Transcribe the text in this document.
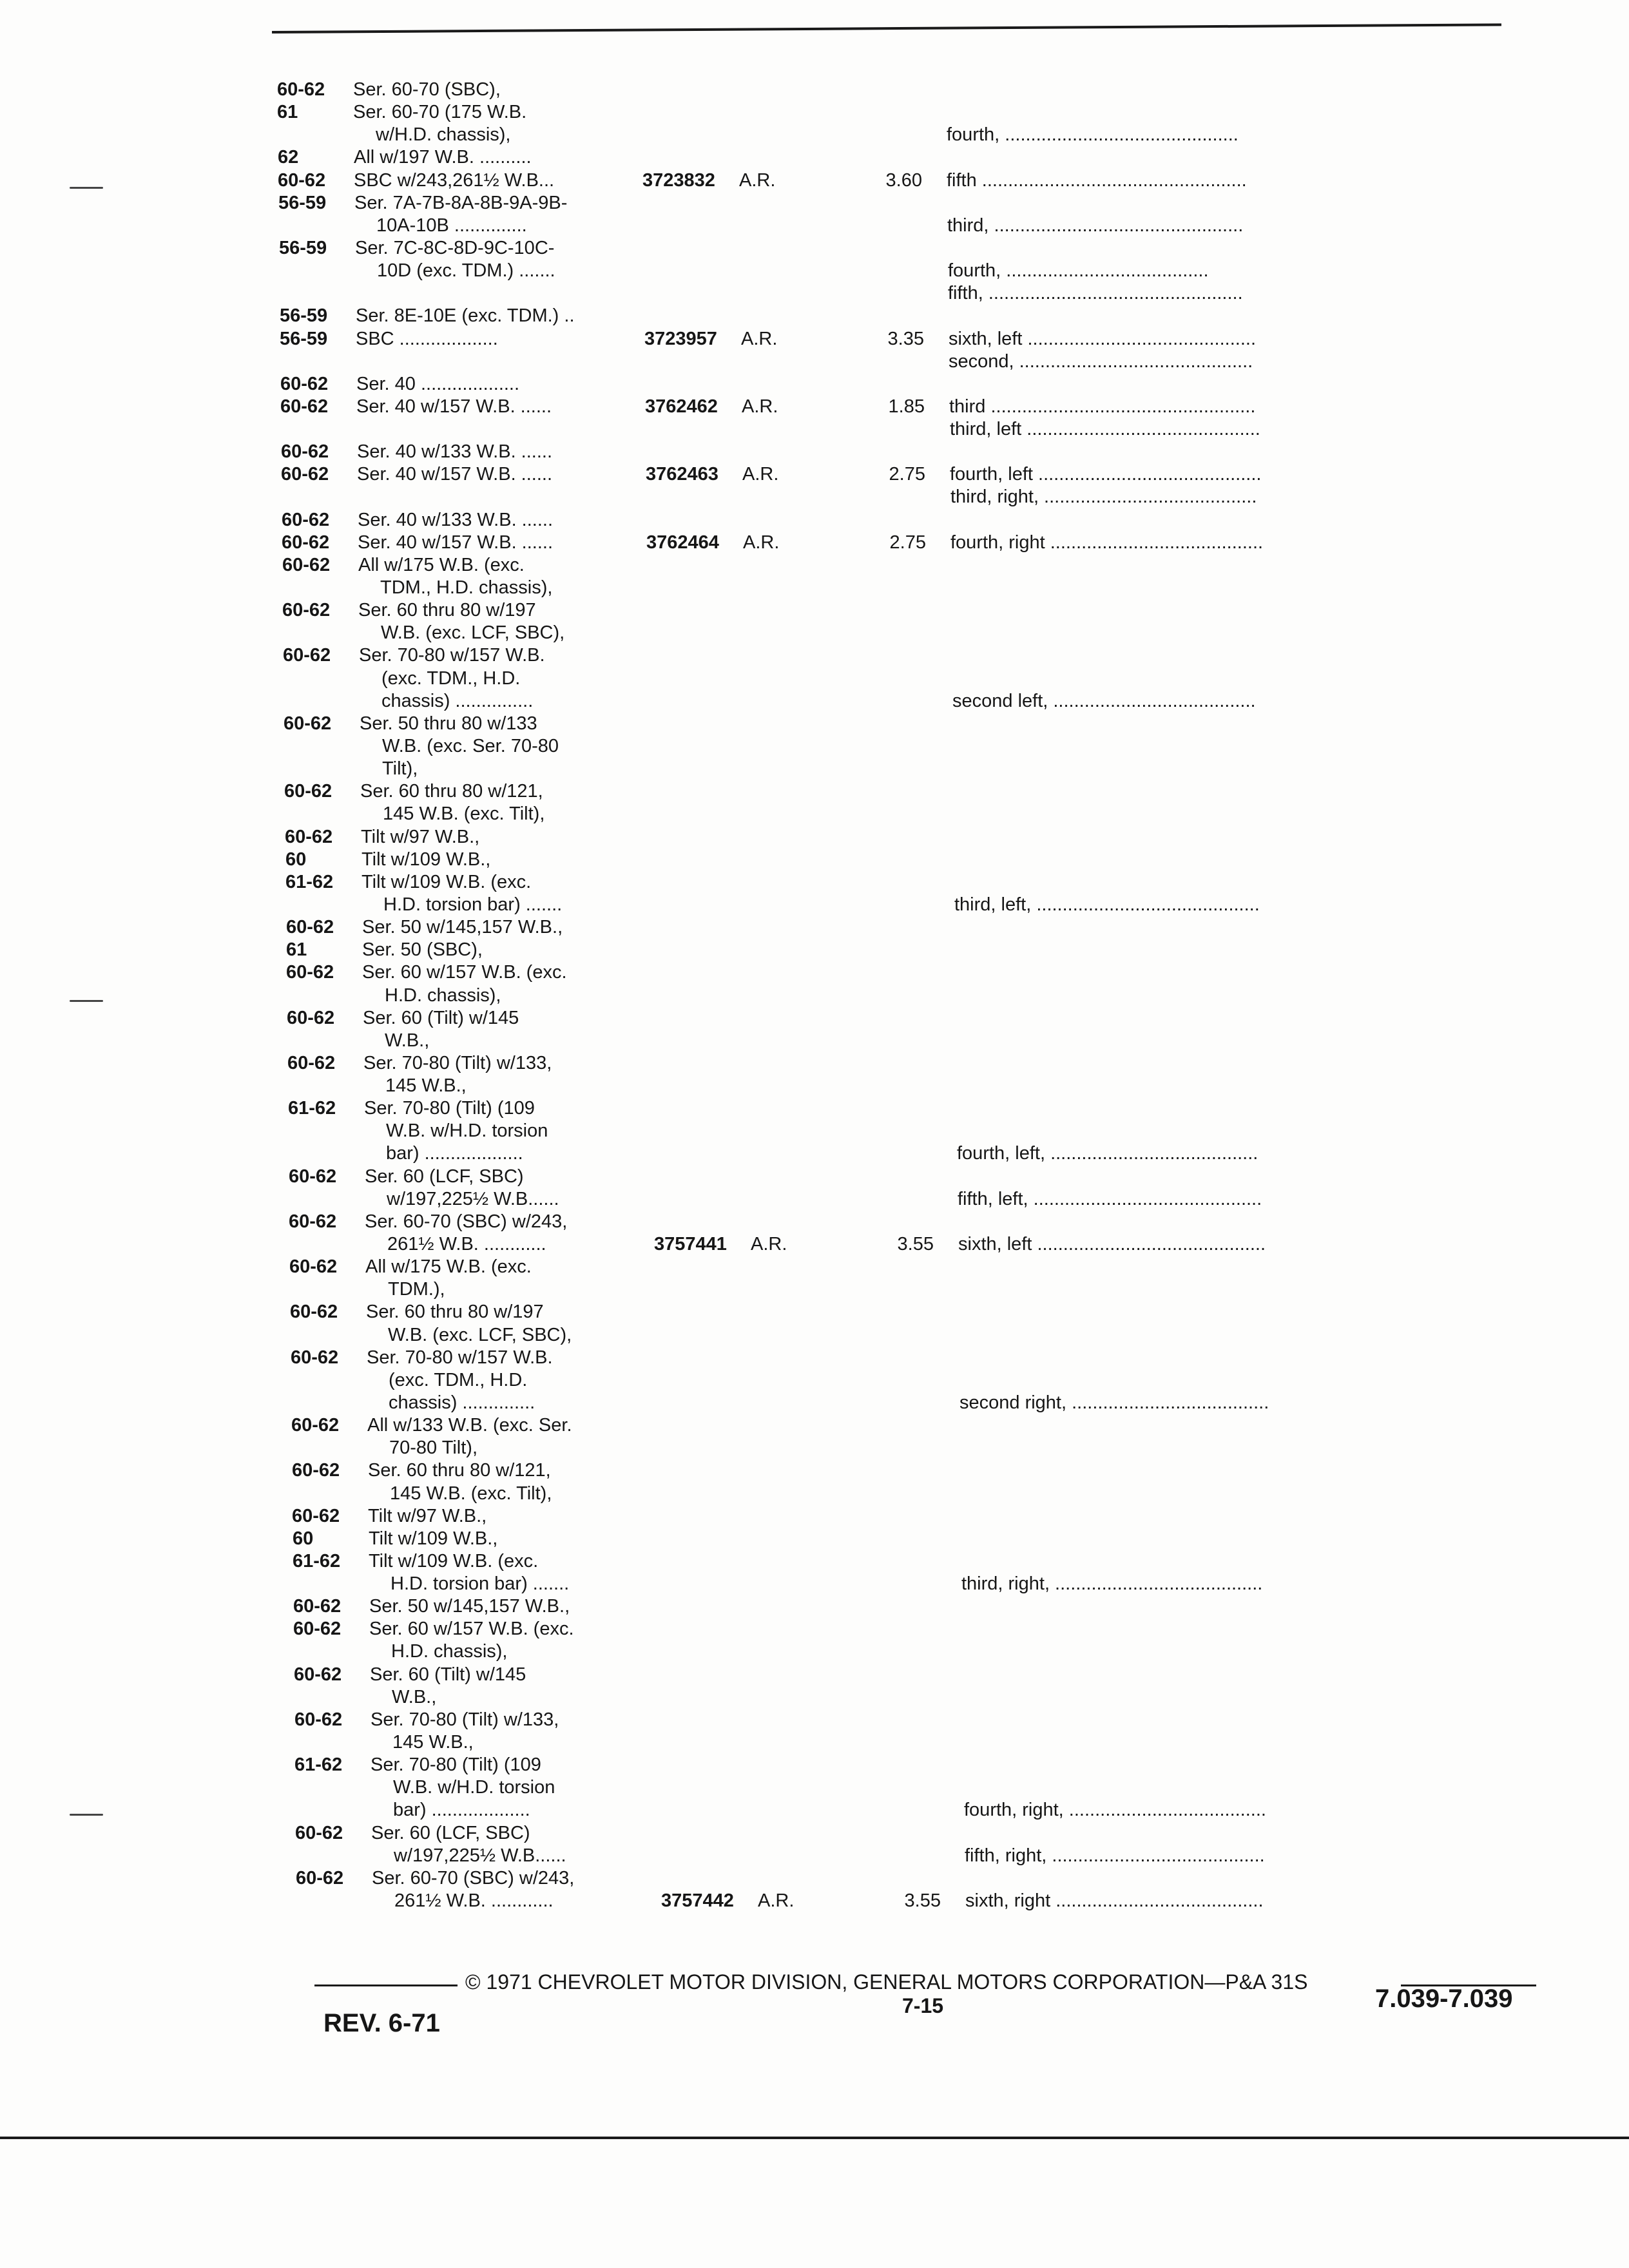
60-62 Ser. 60-70 (SBC),
61	Ser. 60-70 (175 W.B.
w/H.D. chassis),	fourth, .............................................
62	All w/197 W.B. ..........
60-62 SBC w/243,261½ W.B...	3723832 A.R.	3.60 fifth ...................................................
56-59 Ser. 7A-7B-8A-8B-9A-9B-
10A-10B ..............	third, ................................................
56-59 Ser. 7C-8C-8D-9C-10C-
10D (exc. TDM.) .......	fourth, .......................................
fifth, .................................................
56-59 Ser. 8E-10E (exc. TDM.) ..
56-59 SBC ...................	3723957 A.R.	3.35 sixth, left ............................................
second, .............................................
60-62 Ser. 40 ...................
60-62 Ser. 40 w/157 W.B. ......	3762462 A.R.	1.85 third ...................................................
third, left .............................................
60-62 Ser. 40 w/133 W.B. ......
60-62 Ser. 40 w/157 W.B. ......	3762463 A.R.	2.75 fourth, left ...........................................
third, right, .........................................
60-62 Ser. 40 w/133 W.B. ......
60-62 Ser. 40 w/157 W.B. ......	3762464 A.R.	2.75 fourth, right .........................................
60-62 All w/175 W.B. (exc.
TDM., H.D. chassis),
60-62 Ser. 60 thru 80 w/197
W.B. (exc. LCF, SBC),
60-62 Ser. 70-80 w/157 W.B.
(exc. TDM., H.D.
chassis) ...............	second left, .......................................
60-62 Ser. 50 thru 80 w/133
W.B. (exc. Ser. 70-80
Tilt),
60-62 Ser. 60 thru 80 w/121,
145 W.B. (exc. Tilt),
60-62 Tilt w/97 W.B.,
60	Tilt w/109 W.B.,
61-62 Tilt w/109 W.B. (exc.
H.D. torsion bar) .......	third, left, ...........................................
60-62 Ser. 50 w/145,157 W.B.,
61	Ser. 50 (SBC),
60-62 Ser. 60 w/157 W.B. (exc.
H.D. chassis),
60-62 Ser. 60 (Tilt) w/145
W.B.,
60-62 Ser. 70-80 (Tilt) w/133,
145 W.B.,
61-62 Ser. 70-80 (Tilt) (109
W.B. w/H.D. torsion
bar) ...................	fourth, left, ........................................
60-62 Ser. 60 (LCF, SBC)
w/197,225½ W.B......	fifth, left, ............................................
60-62 Ser. 60-70 (SBC) w/243,
261½ W.B. ............	3757441 A.R.	3.55 sixth, left ............................................
60-62 All w/175 W.B. (exc.
TDM.),
60-62 Ser. 60 thru 80 w/197
W.B. (exc. LCF, SBC),
60-62 Ser. 70-80 w/157 W.B.
(exc. TDM., H.D.
chassis) ..............	second right, ......................................
60-62 All w/133 W.B. (exc. Ser.
70-80 Tilt),
60-62 Ser. 60 thru 80 w/121,
145 W.B. (exc. Tilt),
60-62 Tilt w/97 W.B.,
60	Tilt w/109 W.B.,
61-62 Tilt w/109 W.B. (exc.
H.D. torsion bar) .......	third, right, ........................................
60-62 Ser. 50 w/145,157 W.B.,
60-62 Ser. 60 w/157 W.B. (exc.
H.D. chassis),
60-62 Ser. 60 (Tilt) w/145
W.B.,
60-62 Ser. 70-80 (Tilt) w/133,
145 W.B.,
61-62 Ser. 70-80 (Tilt) (109
W.B. w/H.D. torsion
bar) ...................	fourth, right, ......................................
60-62 Ser. 60 (LCF, SBC)
w/197,225½ W.B......	fifth, right, .........................................
60-62 Ser. 60-70 (SBC) w/243,
261½ W.B. ............	3757442 A.R.	3.55 sixth, right ........................................
© 1971 CHEVROLET MOTOR DIVISION, GENERAL MOTORS CORPORATION—P&A 31S
7-15
REV. 6-71
7.039-7.039
